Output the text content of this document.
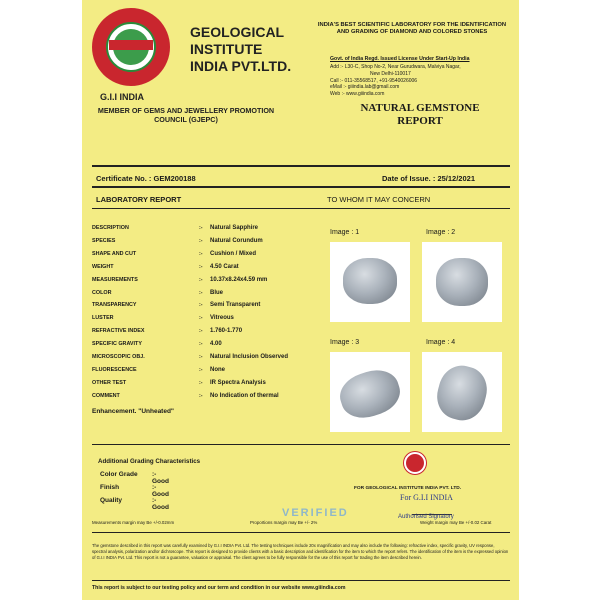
GEOLOGICAL
INSTITUTE
INDIA PVT.LTD.
G.I.I INDIA
MEMBER OF GEMS AND JEWELLERY PROMOTION COUNCIL (GJEPC)
INDIA'S BEST SCIENTIFIC LABORATORY FOR THE IDENTIFICATION AND GRADING OF DIAMOND AND COLORED STONES
Govt. of India Regd. Issued License Under Start-Up India
Add :- L30-C, Shop No-2, Near Gurudwara, Malviya Nagar,
New Delhi-110017
Call :- 011-35568517, +91-9540026006
eMail :- giiindia.lab@gmail.com
Web :- www.giiindia.com
NATURAL GEMSTONE
REPORT
Certificate No. : GEM200188	Date of Issue. : 25/12/2021
LABORATORY REPORT	TO WHOM IT MAY CONCERN
DESCRIPTION	:- Natural Sapphire
SPECIES	:- Natural Corundum
SHAPE AND CUT	:- Cushion / Mixed
WEIGHT	:- 4.50 Carat
MEASUREMENTS	:- 10.37x8.24x4.59 mm
COLOR	:- Blue
TRANSPARENCY	:- Semi Transparent
LUSTER	:- Vitreous
REFRACTIVE INDEX	:- 1.760-1.770
SPECIFIC GRAVITY	:- 4.00
MICROSCOPIC OBJ.	:- Natural Inclusion Observed
FLUORESCENCE	:- None
OTHER TEST	:- IR Spectra Analysis
COMMENT	:- No Indication of thermal
Enhancement. "Unheated"
Image : 1	Image : 2
Image : 3	Image : 4
Additional Grading Characteristics
Color Grade :- Good
Finish	:- Good
Quality	:- Good	VERIFIED
FOR GEOLOGICAL INSTITUTE INDIA PVT. LTD.
For G.I.I INDIA
Authorised Signatory
Measurements margin may Be +/-0.02mm	Proportions margin may Be +/- 2%	Weight margin may Be +/-0.02 Carat
The gemstone described in this report was carefully examined by G.I.I INDIA Pvt. Ltd. The testing techniques include 20x magnification and may also include the following: refractive index, specific gravity, UV response, spectral analysis, polarization and/or dichroscope. This report is designed to provide clients with a basic description and identification for the item to which the report refers. The identification of the item is the expressed opinion of G.I.I INDIA Pvt. Ltd. This report is not a guarantee, valuation or appraisal. The client agrees to be fully responsible for the use of this report for trading the item described herein.
This report is subject to our testing policy and our term and condition in our website www.giiindia.com
